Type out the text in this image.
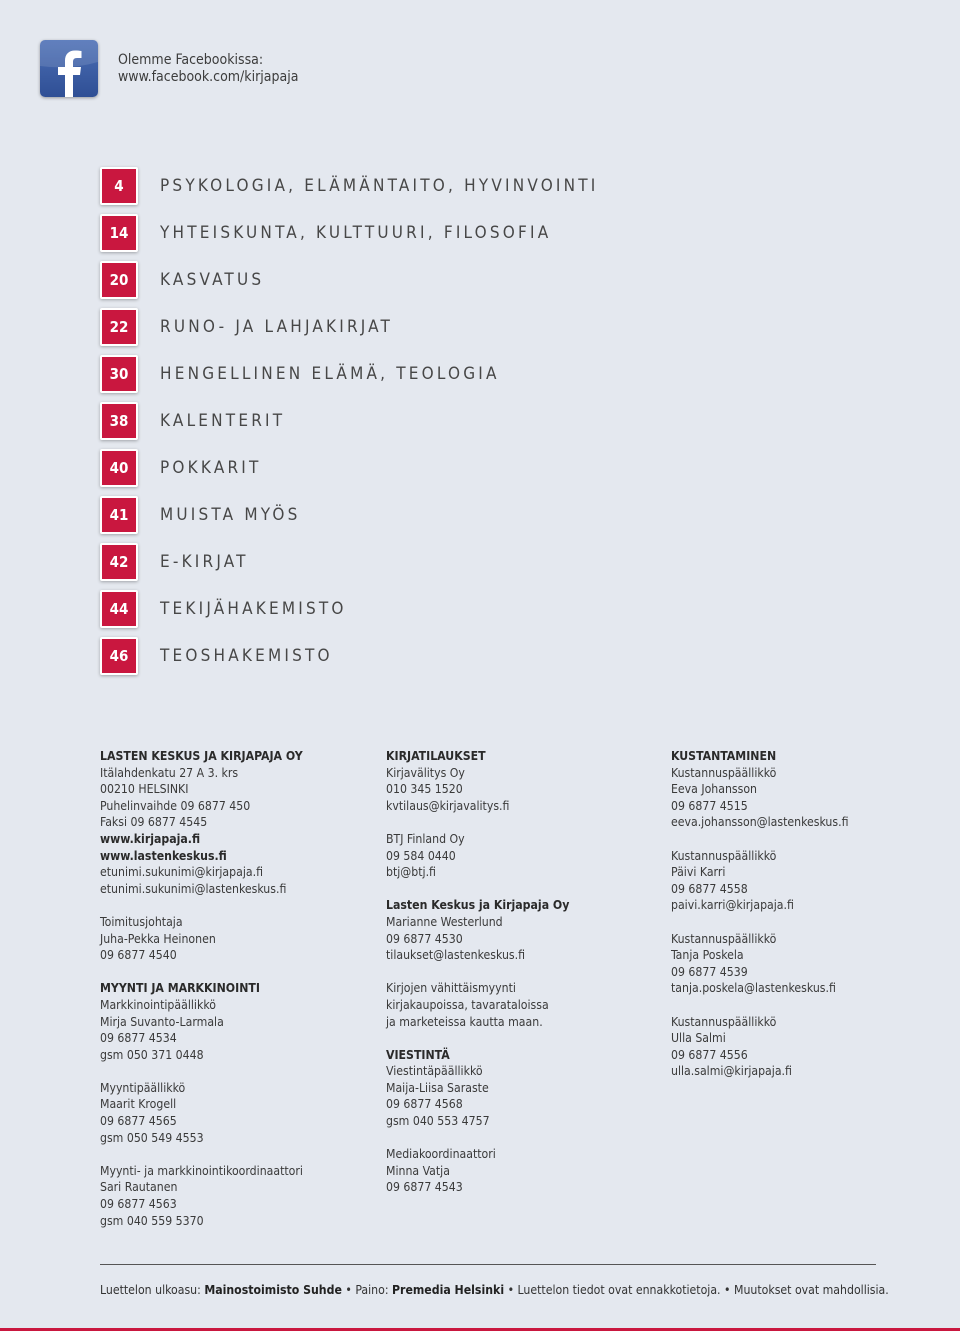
Olemme Facebookissa:
www.facebook.com/kirjapaja
4	PSYKOLOGIA, ELÄMÄNTAITO, HYVINVOINTI
14	YHTEISKUNTA, KULTTUURI, FILOSOFIA
20	KASVATUS
22	RUNO- JA LAHJAKIRJAT
30	HENGELLINEN ELÄMÄ, TEOLOGIA
38	KALENTERIT
40	POKKARIT
41	MUISTA MYÖS
42	E-KIRJAT
44	TEKIJÄHAKEMISTO
46	TEOSHAKEMISTO

LASTEN KESKUS JA KIRJAPAJA OY

Itälahdenkatu 27 A 3. krs

00210 HELSINKI

Puhelinvaihde 09 6877 450

Faksi 09 6877 4545

www.kirjapaja.fi

www.lastenkeskus.fi

etunimi.sukunimi@kirjapaja.fi

etunimi.sukunimi@lastenkeskus.fi

Toimitusjohtaja

Juha-Pekka Heinonen

09 6877 4540

MYYNTI JA MARKKINOINTI

Markkinointipäällikkö

Mirja Suvanto-Larmala

09 6877 4534

gsm 050 371 0448

Myyntipäällikkö

Maarit Krogell

09 6877 4565

gsm 050 549 4553

Myynti- ja markkinointikoordinaattori

Sari Rautanen

09 6877 4563

gsm 040 559 5370

KIRJATILAUKSET

Kirjavälitys Oy

010 345 1520

kvtilaus@kirjavalitys.fi

BTJ Finland Oy

09 584 0440

btj@btj.fi

Lasten Keskus ja Kirjapaja Oy

Marianne Westerlund

09 6877 4530

tilaukset@lastenkeskus.fi

Kirjojen vähittäismyynti

kirjakaupoissa, tavarataloissa

ja marketeissa kautta maan.

VIESTINTÄ

Viestintäpäällikkö

Maija-Liisa Saraste

09 6877 4568

gsm 040 553 4757

Mediakoordinaattori

Minna Vatja

09 6877 4543

KUSTANTAMINEN

Kustannuspäällikkö

Eeva Johansson

09 6877 4515

eeva.johansson@lastenkeskus.fi

Kustannuspäällikkö

Päivi Karri

09 6877 4558

paivi.karri@kirjapaja.fi

Kustannuspäällikkö

Tanja Poskela

09 6877 4539

tanja.poskela@lastenkeskus.fi

Kustannuspäällikkö

Ulla Salmi

09 6877 4556

ulla.salmi@kirjapaja.fi

Luettelon ulkoasu: Mainostoimisto Suhde • Paino: Premedia Helsinki • Luettelon tiedot ovat ennakkotietoja. • Muutokset ovat mahdollisia.
